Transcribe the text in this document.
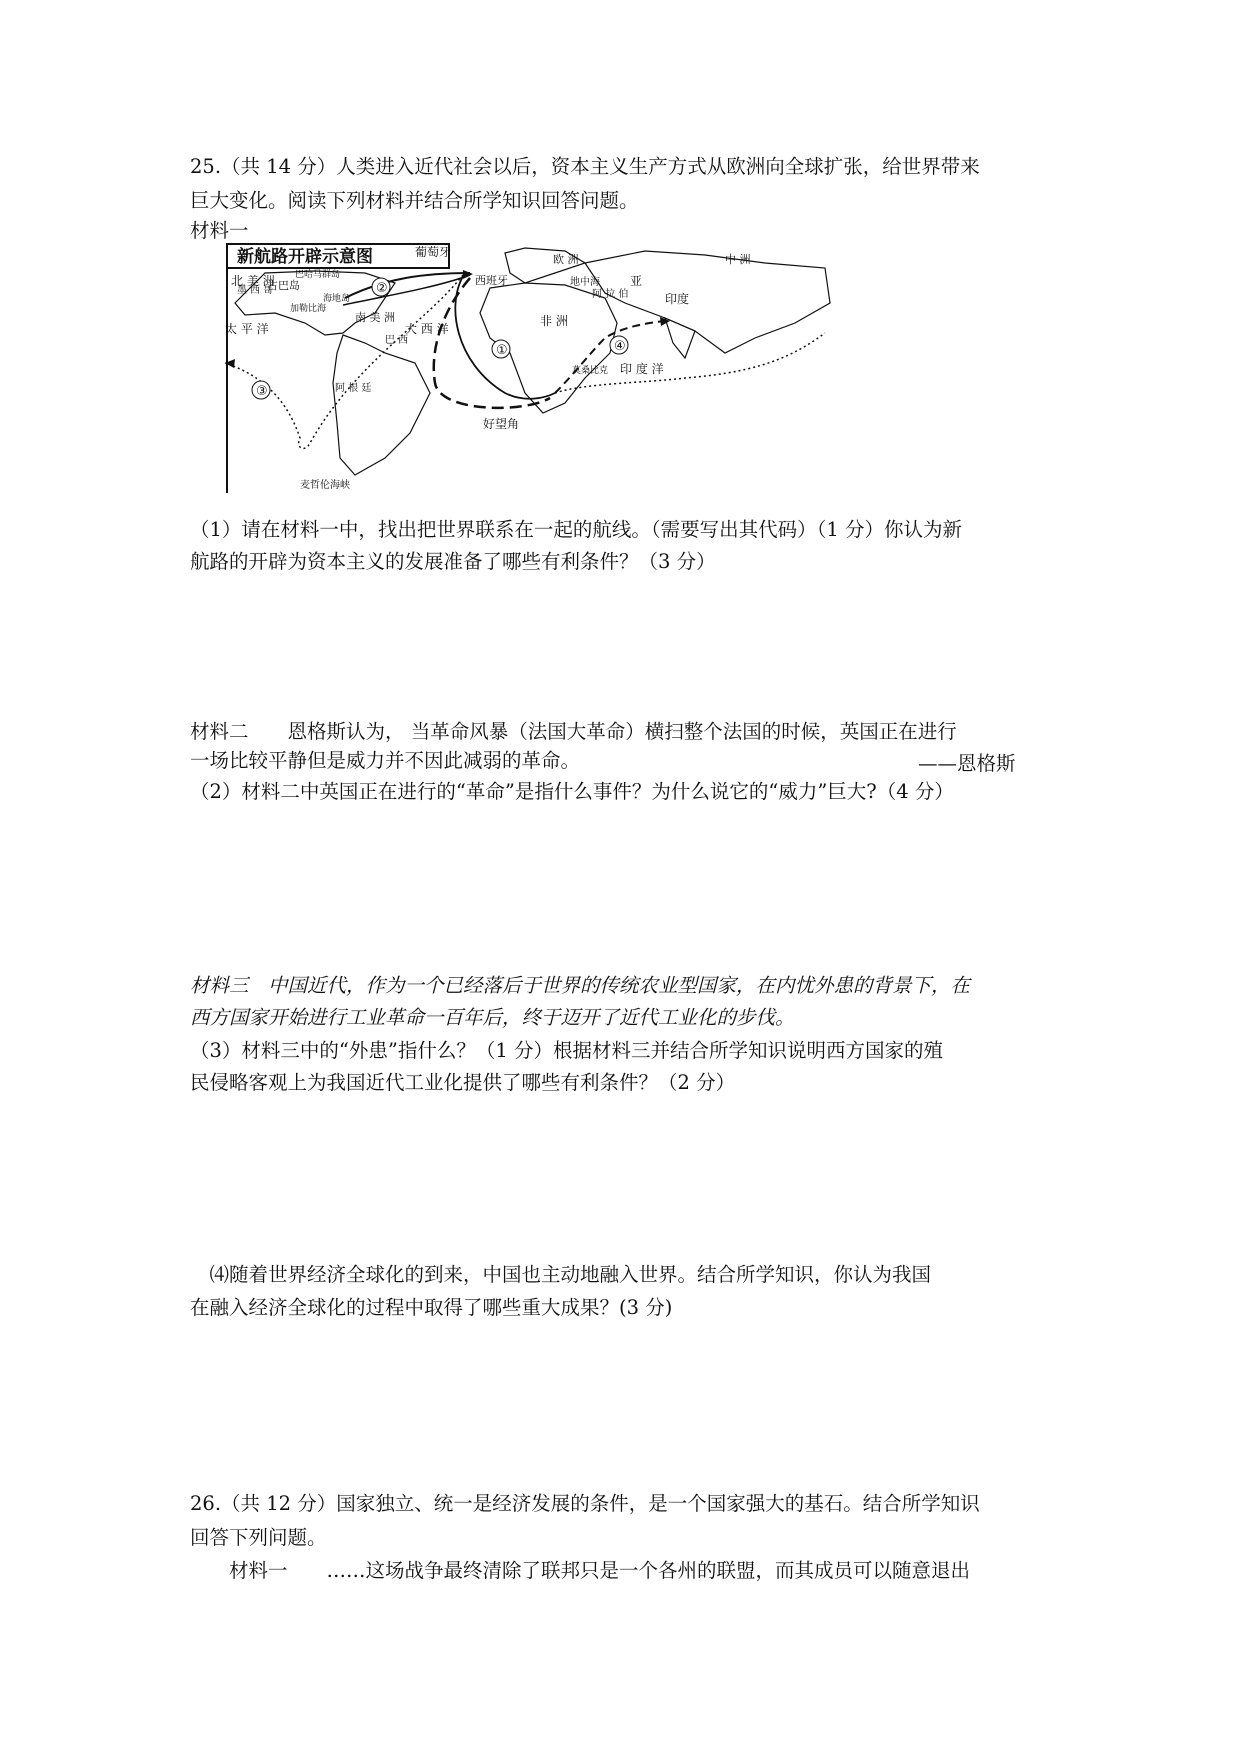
25.（共 14 分）人类进入近代社会以后，资本主义生产方式从欧洲向全球扩张，给世界带来
巨大变化。阅读下列材料并结合所学知识回答问题。
材料一
新航路开辟示意图
②
①
③
④
北 美 洲
欧 洲
葡萄牙
西班牙
巴哈马群岛
古巴岛
海地岛
加勒比海
墨 西 哥
南 美 洲
巴 西
阿 根 廷
非 洲
地中海
阿 拉 伯
亚
印度
中 洲
太 平 洋	大 西 洋
印 度 洋
好望角
麦哲伦海峡
莫桑比克
（1）请在材料一中，找出把世界联系在一起的航线。（需要写出其代码）（1 分）你认为新
航路的开辟为资本主义的发展准备了哪些有利条件？（3 分）
材料二　　恩格斯认为， 当革命风暴（法国大革命）横扫整个法国的时候，英国正在进行
一场比较平静但是威力并不因此减弱的革命。	——恩格斯
（2）材料二中英国正在进行的“革命”是指什么事件？为什么说它的“威力”巨大?（4 分）
材料三　中国近代，作为一个已经落后于世界的传统农业型国家，在内忧外患的背景下，在
西方国家开始进行工业革命一百年后，终于迈开了近代工业化的步伐。
（3）材料三中的“外患”指什么？（1 分）根据材料三并结合所学知识说明西方国家的殖
民侵略客观上为我国近代工业化提供了哪些有利条件？（2 分）
　⑷随着世界经济全球化的到来，中国也主动地融入世界。结合所学知识，你认为我国
在融入经济全球化的过程中取得了哪些重大成果？(3 分)
26.（共 12 分）国家独立、统一是经济发展的条件，是一个国家强大的基石。结合所学知识
回答下列问题。
　　材料一　　……这场战争最终清除了联邦只是一个各州的联盟，而其成员可以随意退出
